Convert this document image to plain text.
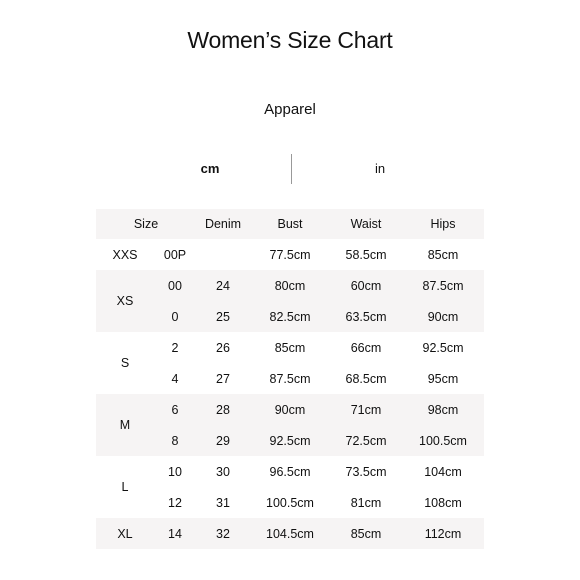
Women’s Size Chart
Apparel
cm	in
Size		Denim	Bust	Waist	Hips
XXS	00P		77.5cm	58.5cm	85cm
XS	00	24	80cm	60cm	87.5cm
	0	25	82.5cm	63.5cm	90cm
S	2	26	85cm	66cm	92.5cm
	4	27	87.5cm	68.5cm	95cm
M	6	28	90cm	71cm	98cm
	8	29	92.5cm	72.5cm	100.5cm
L	10	30	96.5cm	73.5cm	104cm
	12	31	100.5cm	81cm	108cm
XL	14	32	104.5cm	85cm	112cm
